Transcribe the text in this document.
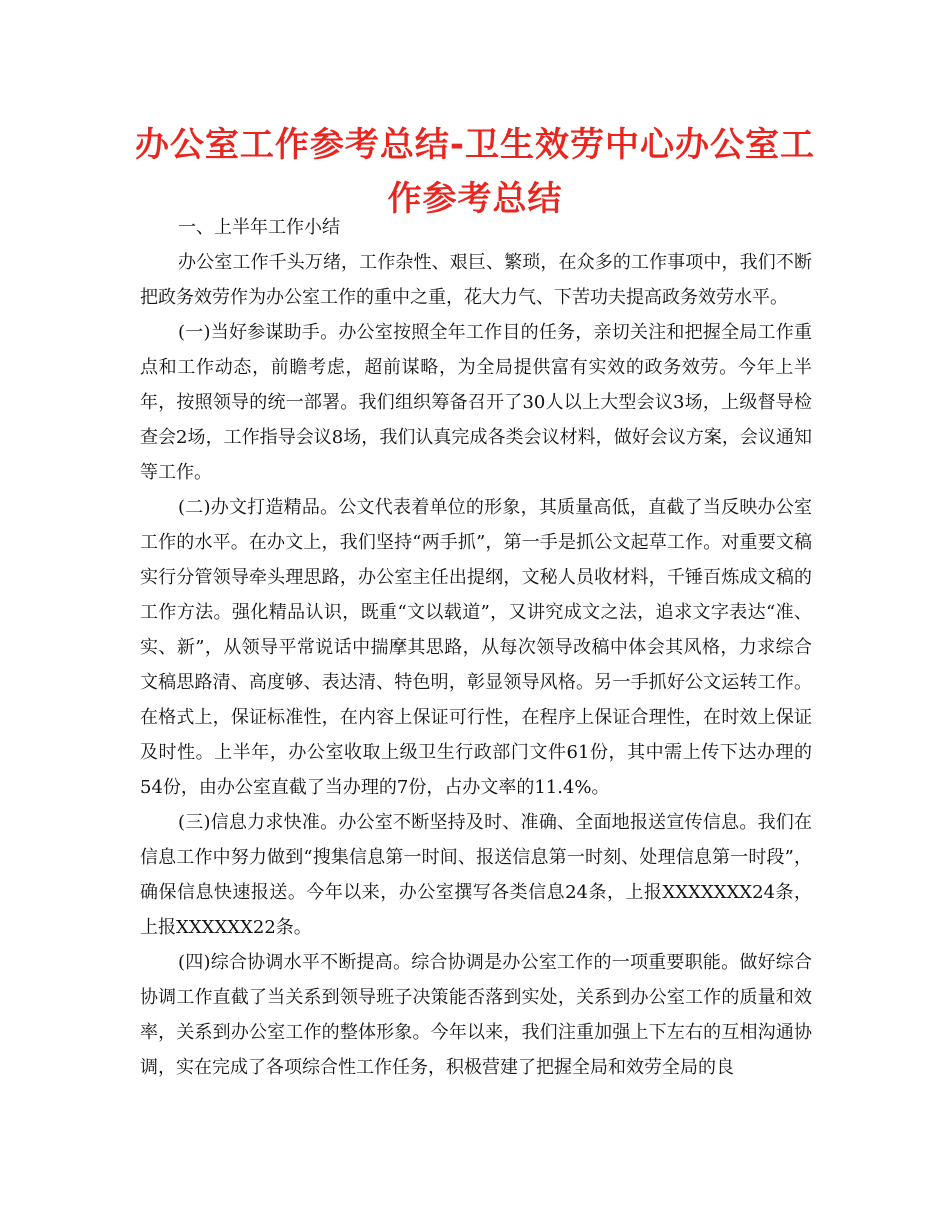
办公室工作参考总结-卫生效劳中心办公室工作参考总结

一、上半年工作小结

办公室工作千头万绪，工作杂性、艰巨、繁琐，在众多的工作事项中，我们不断把政务效劳作为办公室工作的重中之重，花大力气、下苦功夫提高政务效劳水平。

(一)当好参谋助手。办公室按照全年工作目的任务，亲切关注和把握全局工作重点和工作动态，前瞻考虑，超前谋略，为全局提供富有实效的政务效劳。今年上半年，按照领导的统一部署。我们组织筹备召开了30人以上大型会议3场，上级督导检查会2场，工作指导会议8场，我们认真完成各类会议材料，做好会议方案，会议通知等工作。

(二)办文打造精品。公文代表着单位的形象，其质量高低，直截了当反映办公室工作的水平。在办文上，我们坚持“两手抓”，第一手是抓公文起草工作。对重要文稿实行分管领导牵头理思路，办公室主任出提纲，文秘人员收材料，千锤百炼成文稿的工作方法。强化精品认识，既重“文以载道”，又讲究成文之法，追求文字表达“准、实、新”，从领导平常说话中揣摩其思路，从每次领导改稿中体会其风格，力求综合文稿思路清、高度够、表达清、特色明，彰显领导风格。另一手抓好公文运转工作。在格式上，保证标准性，在内容上保证可行性，在程序上保证合理性，在时效上保证及时性。上半年，办公室收取上级卫生行政部门文件61份，其中需上传下达办理的54份，由办公室直截了当办理的7份，占办文率的11.4%。

(三)信息力求快准。办公室不断坚持及时、准确、全面地报送宣传信息。我们在信息工作中努力做到“搜集信息第一时间、报送信息第一时刻、处理信息第一时段”，确保信息快速报送。今年以来，办公室撰写各类信息24条，上报XXXXXXX24条，上报XXXXXX22条。

(四)综合协调水平不断提高。综合协调是办公室工作的一项重要职能。做好综合协调工作直截了当关系到领导班子决策能否落到实处，关系到办公室工作的质量和效率，关系到办公室工作的整体形象。今年以来，我们注重加强上下左右的互相沟通协调，实在完成了各项综合性工作任务，积极营建了把握全局和效劳全局的良
